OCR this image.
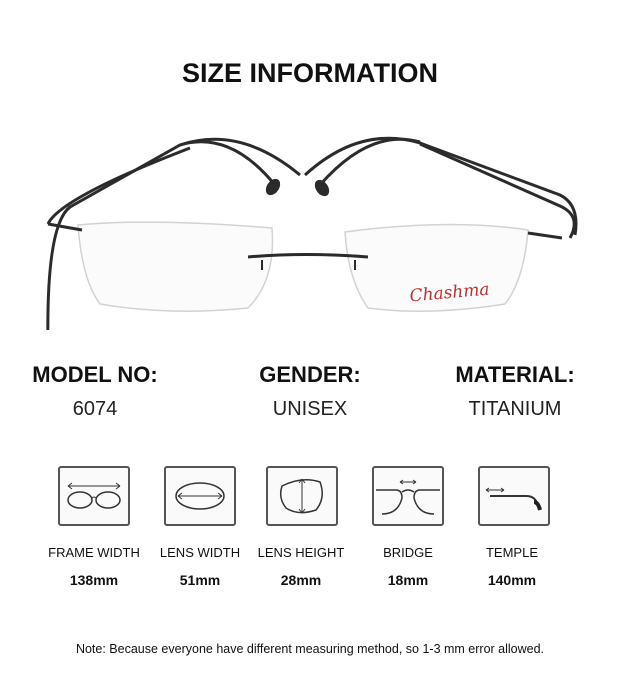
SIZE INFORMATION
Chashma
MODEL NO:
6074
GENDER:
UNISEX
MATERIAL:
TITANIUM
FRAME WIDTH	LENS WIDTH	LENS HEIGHT	BRIDGE	TEMPLE
138mm	51mm	28mm	18mm	140mm
Note: Because everyone have different measuring method, so 1-3 mm error allowed.
